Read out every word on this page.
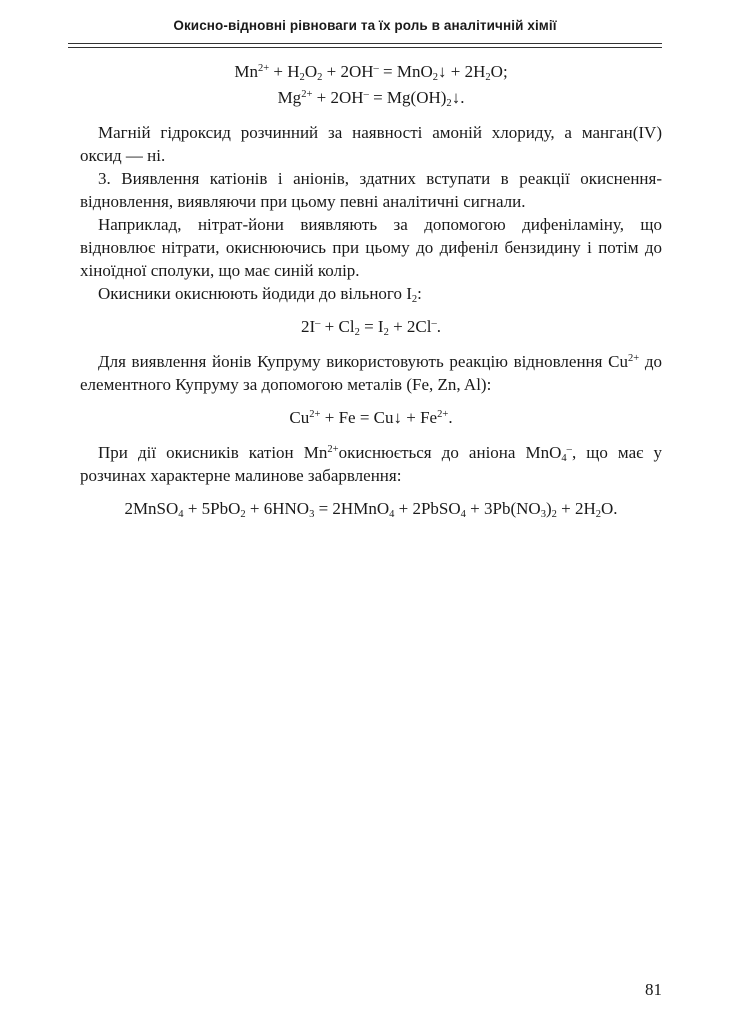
Окисно-відновні рівноваги та їх роль в аналітичній хімії
$Mn^{2+} + H_2O_2 + 2OH^-$ = MnO$_2$↓ + $2H_2O$;
$Mg^{2+} + 2OH^-$ = $Mg(OH)_2↓$.

Магній гідроксид розчинний за наявності амоній хлориду, а манган(IV) оксид — ні.

3. Виявлення катіонів і аніонів, здатних вступати в реакції окиснення-відновлення, виявляючи при цьому певні аналітичні сигнали.

Наприклад, нітрат-йони виявляють за допомогою дифеніламіну, що відновлює нітрати, окиснюючись при цьому до дифеніл бензидину і потім до хіноїдної сполуки, що має синій колір.

Окисники окиснюють йодиди до вільного $I_2$:

$2I^- + Cl_2 = I_2 + 2Cl^-$.

Для виявлення йонів Купруму використовують реакцію відновлення $Cu^{2+}$ до елементного Купруму за допомогою металів (Fe, Zn, Al):

$Cu^{2+} + Fe$ = Cu↓ + $Fe^{2+}$.

При дії окисників катіон $Mn^{2+}окиснюється$ до аніона MnO$_4$–, що має у розчинах характерне малинове забарвлення:

2MnSO$_4$ + $5PbO_2 + 6HNO_3$ = 2HMnO$_4$ + 2PbSO$_4$ + $3Pb(NO_3)_2 + 2H_2O$.
81
